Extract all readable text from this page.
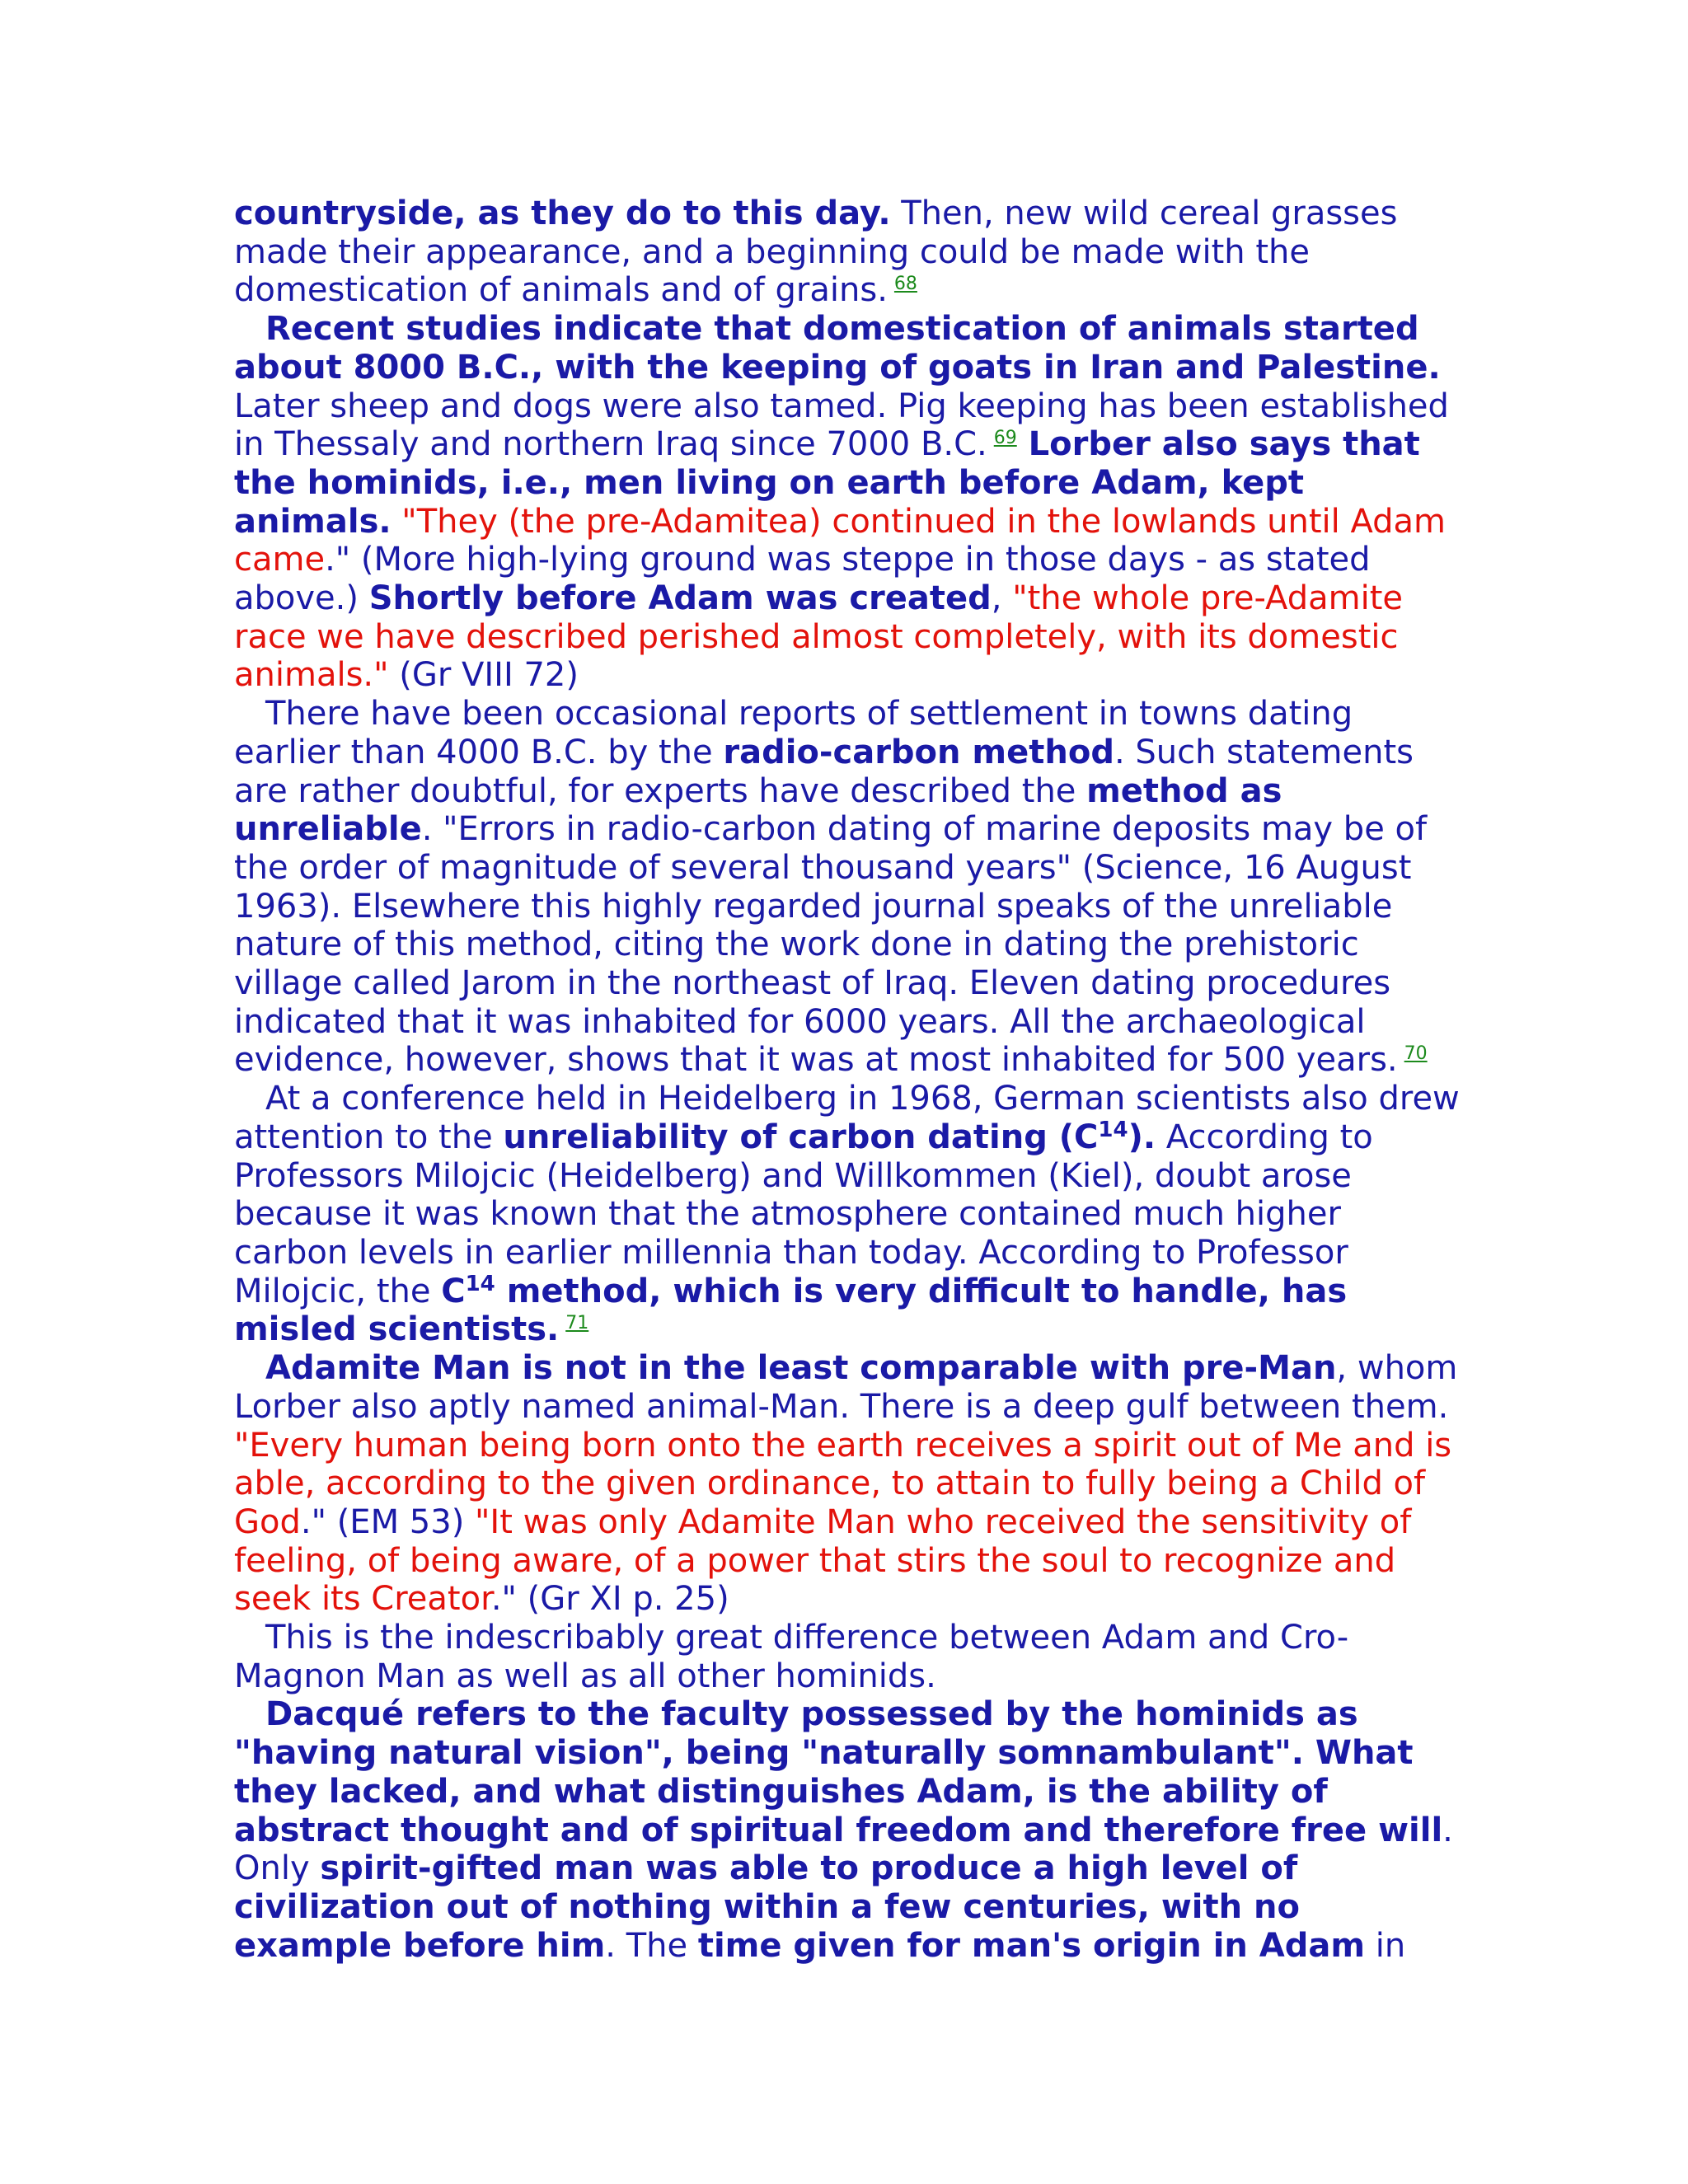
countryside, as they do to this day. Then, new wild cereal grasses made their appearance, and a beginning could be made with the domestication of animals and of grains. $^{68}$

Recent studies indicate that domestication of animals started about 8000 B.C., with the keeping of goats in Iran and Palestine. Later sheep and dogs were also tamed. Pig keeping has been established in Thessaly and northern Iraq since 7000 B.C. $^{69}$ Lorber also says that the hominids, i.e., men living on earth before Adam, kept animals. "They (the pre-Adamitea) continued in the lowlands until Adam came." (More high-lying ground was steppe in those days - as stated above.) Shortly before Adam was created, "the whole pre-Adamite race we have described perished almost completely, with its domestic animals." (Gr VIII 72)

There have been occasional reports of settlement in towns dating earlier than 4000 B.C. by the radio-carbon method. Such statements are rather doubtful, for experts have described the method as unreliable. "Errors in radio-carbon dating of marine deposits may be of the order of magnitude of several thousand years" (Science, 16 August 1963). Elsewhere this highly regarded journal speaks of the unreliable nature of this method, citing the work done in dating the prehistoric village called Jarom in the northeast of Iraq. Eleven dating procedures indicated that it was inhabited for 6000 years. All the archaeological evidence, however, shows that it was at most inhabited for 500 years. $^{70}$

At a conference held in Heidelberg in 1968, German scientists also drew attention to the unreliability of carbon dating $(C^{14})$. According to Professors Milojcic (Heidelberg) and Willkommen (Kiel), doubt arose because it was known that the atmosphere contained much higher carbon levels in earlier millennia than today. According to Professor Milojcic, the $C^{14}$ method, which is very difficult to handle, has misled scientists. $^{71}$

Adamite Man is not in the least comparable with pre-Man, whom Lorber also aptly named animal-Man. There is a deep gulf between them. "Every human being born onto the earth receives a spirit out of Me and is able, according to the given ordinance, to attain to fully being a Child of God." (EM 53) "It was only Adamite Man who received the sensitivity of feeling, of being aware, of a power that stirs the soul to recognize and seek its Creator." (Gr XI p. 25)

This is the indescribably great difference between Adam and Cro-Magnon Man as well as all other hominids.

Dacqué refers to the faculty possessed by the hominids as "having natural vision", being "naturally somnambulant". What they lacked, and what distinguishes Adam, is the ability of abstract thought and of spiritual freedom and therefore free will. Only spirit-gifted man was able to produce a high level of civilization out of nothing within a few centuries, with no example before him. The time given for man's origin in Adam in
